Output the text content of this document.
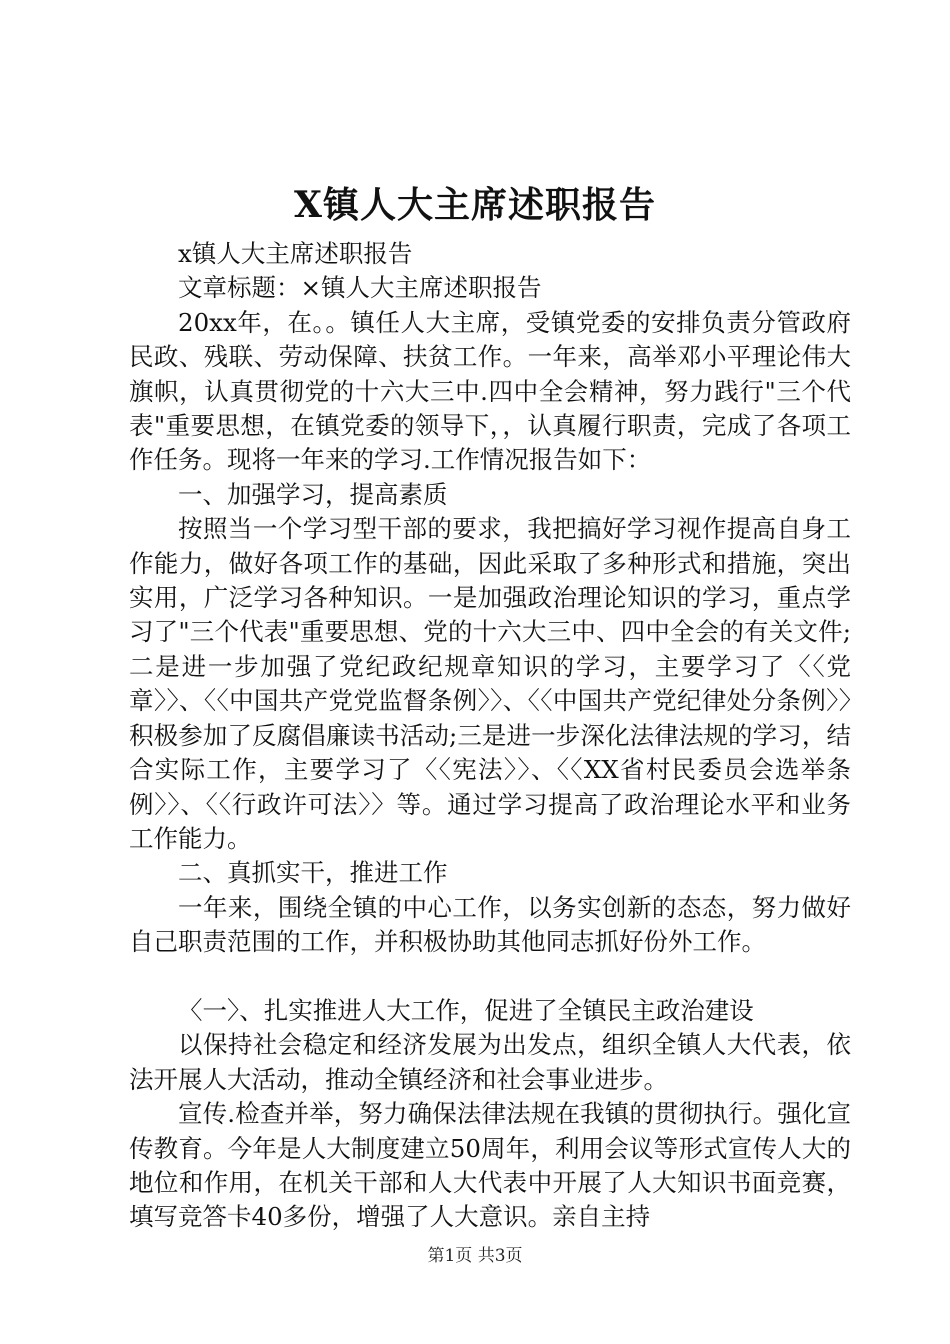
X镇人大主席述职报告

x镇人大主席述职报告

文章标题：×镇人大主席述职报告

20xx年，在。。镇任人大主席，受镇党委的安排负责分管政府民政、残联、劳动保障、扶贫工作。一年来，高举邓小平理论伟大旗帜，认真贯彻党的十六大三中.四中全会精神，努力践行"三个代表"重要思想，在镇党委的领导下，，认真履行职责，完成了各项工作任务。现将一年来的学习.工作情况报告如下：

一、加强学习，提高素质

按照当一个学习型干部的要求，我把搞好学习视作提高自身工作能力，做好各项工作的基础，因此采取了多种形式和措施，突出实用，广泛学习各种知识。一是加强政治理论知识的学习，重点学习了"三个代表"重要思想、党的十六大三中、四中全会的有关文件;二是进一步加强了党纪政纪规章知识的学习，主要学习了〈〈党章〉〉、〈〈中国共产党党监督条例〉〉、〈〈中国共产党纪律处分条例〉〉积极参加了反腐倡廉读书活动;三是进一步深化法律法规的学习，结合实际工作，主要学习了〈〈宪法〉〉、〈〈XX省村民委员会选举条例〉〉、〈〈行政许可法〉〉等。通过学习提高了政治理论水平和业务工作能力。

二、真抓实干，推进工作

一年来，围绕全镇的中心工作，以务实创新的态态，努力做好自己职责范围的工作，并积极协助其他同志抓好份外工作。

〈一〉、扎实推进人大工作，促进了全镇民主政治建设

以保持社会稳定和经济发展为出发点，组织全镇人大代表，依法开展人大活动，推动全镇经济和社会事业进步。

宣传.检查并举，努力确保法律法规在我镇的贯彻执行。强化宣传教育。今年是人大制度建立50周年，利用会议等形式宣传人大的地位和作用，在机关干部和人大代表中开展了人大知识书面竞赛，填写竞答卡40多份，增强了人大意识。亲自主持

第1页 共3页
